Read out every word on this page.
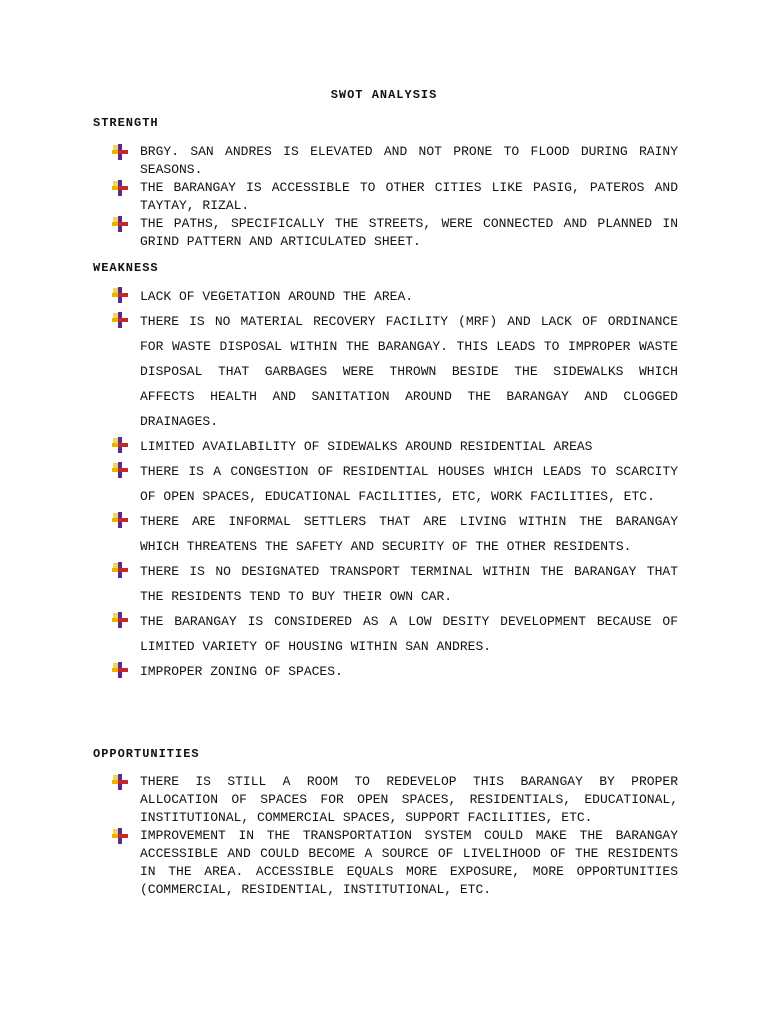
SWOT ANALYSIS
STRENGTH
BRGY. SAN ANDRES IS ELEVATED AND NOT PRONE TO FLOOD DURING RAINY SEASONS.
THE BARANGAY IS ACCESSIBLE TO OTHER CITIES LIKE PASIG, PATEROS AND TAYTAY, RIZAL.
THE PATHS, SPECIFICALLY THE STREETS, WERE CONNECTED AND PLANNED IN GRIND PATTERN AND ARTICULATED SHEET.
WEAKNESS
LACK OF VEGETATION AROUND THE AREA.
THERE IS NO MATERIAL RECOVERY FACILITY (MRF) AND LACK OF ORDINANCE FOR WASTE DISPOSAL WITHIN THE BARANGAY. THIS LEADS TO IMPROPER WASTE DISPOSAL THAT GARBAGES WERE THROWN BESIDE THE SIDEWALKS WHICH AFFECTS HEALTH AND SANITATION AROUND THE BARANGAY AND CLOGGED DRAINAGES.
LIMITED AVAILABILITY OF SIDEWALKS AROUND RESIDENTIAL AREAS
THERE IS A CONGESTION OF RESIDENTIAL HOUSES WHICH LEADS TO SCARCITY OF OPEN SPACES, EDUCATIONAL FACILITIES, ETC, WORK FACILITIES, ETC.
THERE ARE INFORMAL SETTLERS THAT ARE LIVING WITHIN THE BARANGAY WHICH THREATENS THE SAFETY AND SECURITY OF THE OTHER RESIDENTS.
THERE IS NO DESIGNATED TRANSPORT TERMINAL WITHIN THE BARANGAY THAT THE RESIDENTS TEND TO BUY THEIR OWN CAR.
THE BARANGAY IS CONSIDERED AS A LOW DESITY DEVELOPMENT BECAUSE OF LIMITED VARIETY OF HOUSING WITHIN SAN ANDRES.
IMPROPER ZONING OF SPACES.
OPPORTUNITIES
THERE IS STILL A ROOM TO REDEVELOP THIS BARANGAY BY PROPER ALLOCATION OF SPACES FOR OPEN SPACES, RESIDENTIALS, EDUCATIONAL, INSTITUTIONAL, COMMERCIAL SPACES, SUPPORT FACILITIES, ETC.
IMPROVEMENT IN THE TRANSPORTATION SYSTEM COULD MAKE THE BARANGAY ACCESSIBLE AND COULD BECOME A SOURCE OF LIVELIHOOD OF THE RESIDENTS IN THE AREA. ACCESSIBLE EQUALS MORE EXPOSURE, MORE OPPORTUNITIES (COMMERCIAL, RESIDENTIAL, INSTITUTIONAL, ETC.
